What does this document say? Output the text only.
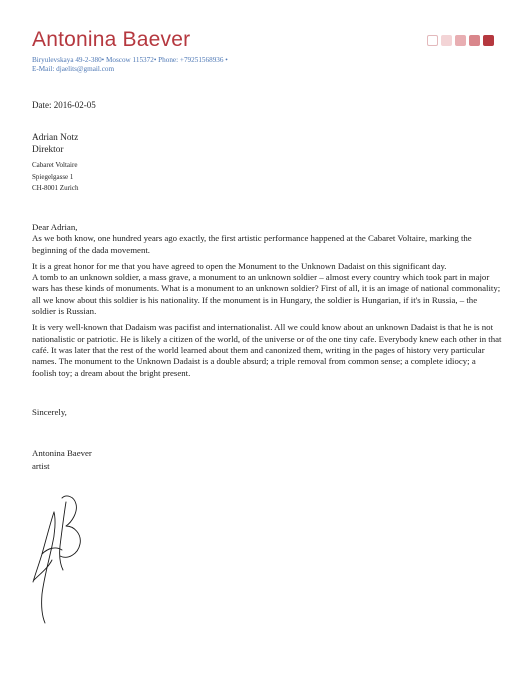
Antonina Baever
Biryulevskaya 49-2-380• Moscow 115372• Phone: +79251568936 •
E-Mail: djaelits@gmail.com
Date: 2016-02-05
Adrian Notz
Direktor
Cabaret Voltaire
Spiegelgasse 1
CH-8001 Zurich

Dear Adrian,

As we both know, one hundred years ago exactly, the first artistic performance happened at the Cabaret Voltaire, marking the beginning of the dada movement.

It is a great honor for me that you have agreed to open the Monument to the Unknown Dadaist on this significant day.

A tomb to an unknown soldier, a mass grave, a monument to an unknown soldier – almost every country which took part in major wars has these kinds of monuments. What is a monument to an unknown soldier? First of all, it is an image of national commonality; all we know about this soldier is his nationality. If the monument is in Hungary, the soldier is Hungarian, if it's in Russia, – the soldier is Russian.

It is very well-known that Dadaism was pacifist and internationalist. All we could know about an unknown Dadaist is that he is not nationalistic or patriotic. He is likely a citizen of the world, of the universe or of the one tiny cafe. Everybody knew each other in that café. It was later that the rest of the world learned about them and canonized them, writing in the pages of history very particular names. The monument to the Unknown Dadaist is a double absurd; a triple removal from common sense; a complete idiocy; a foolish toy; a dream about the bright present.

Sincerely,
Antonina Baever
artist
